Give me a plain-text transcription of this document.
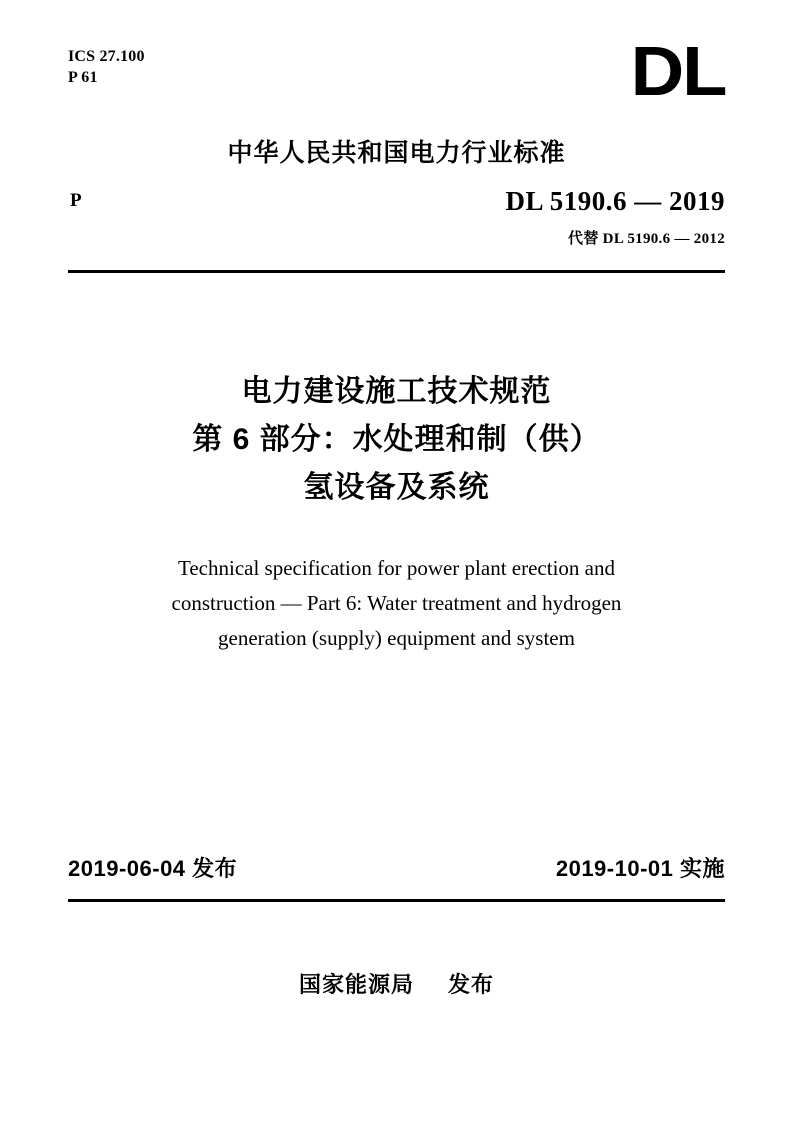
ICS 27.100
P 61	DL
中华人民共和国电力行业标准
P	DL 5190.6 — 2019
代替 DL 5190.6 — 2012
电力建设施工技术规范
第 6 部分：水处理和制（供）
氢设备及系统
Technical specification for power plant erection and
construction — Part 6: Water treatment and hydrogen
generation (supply) equipment and system
2019-06-04 发布	2019-10-01 实施
国家能源局 发布
